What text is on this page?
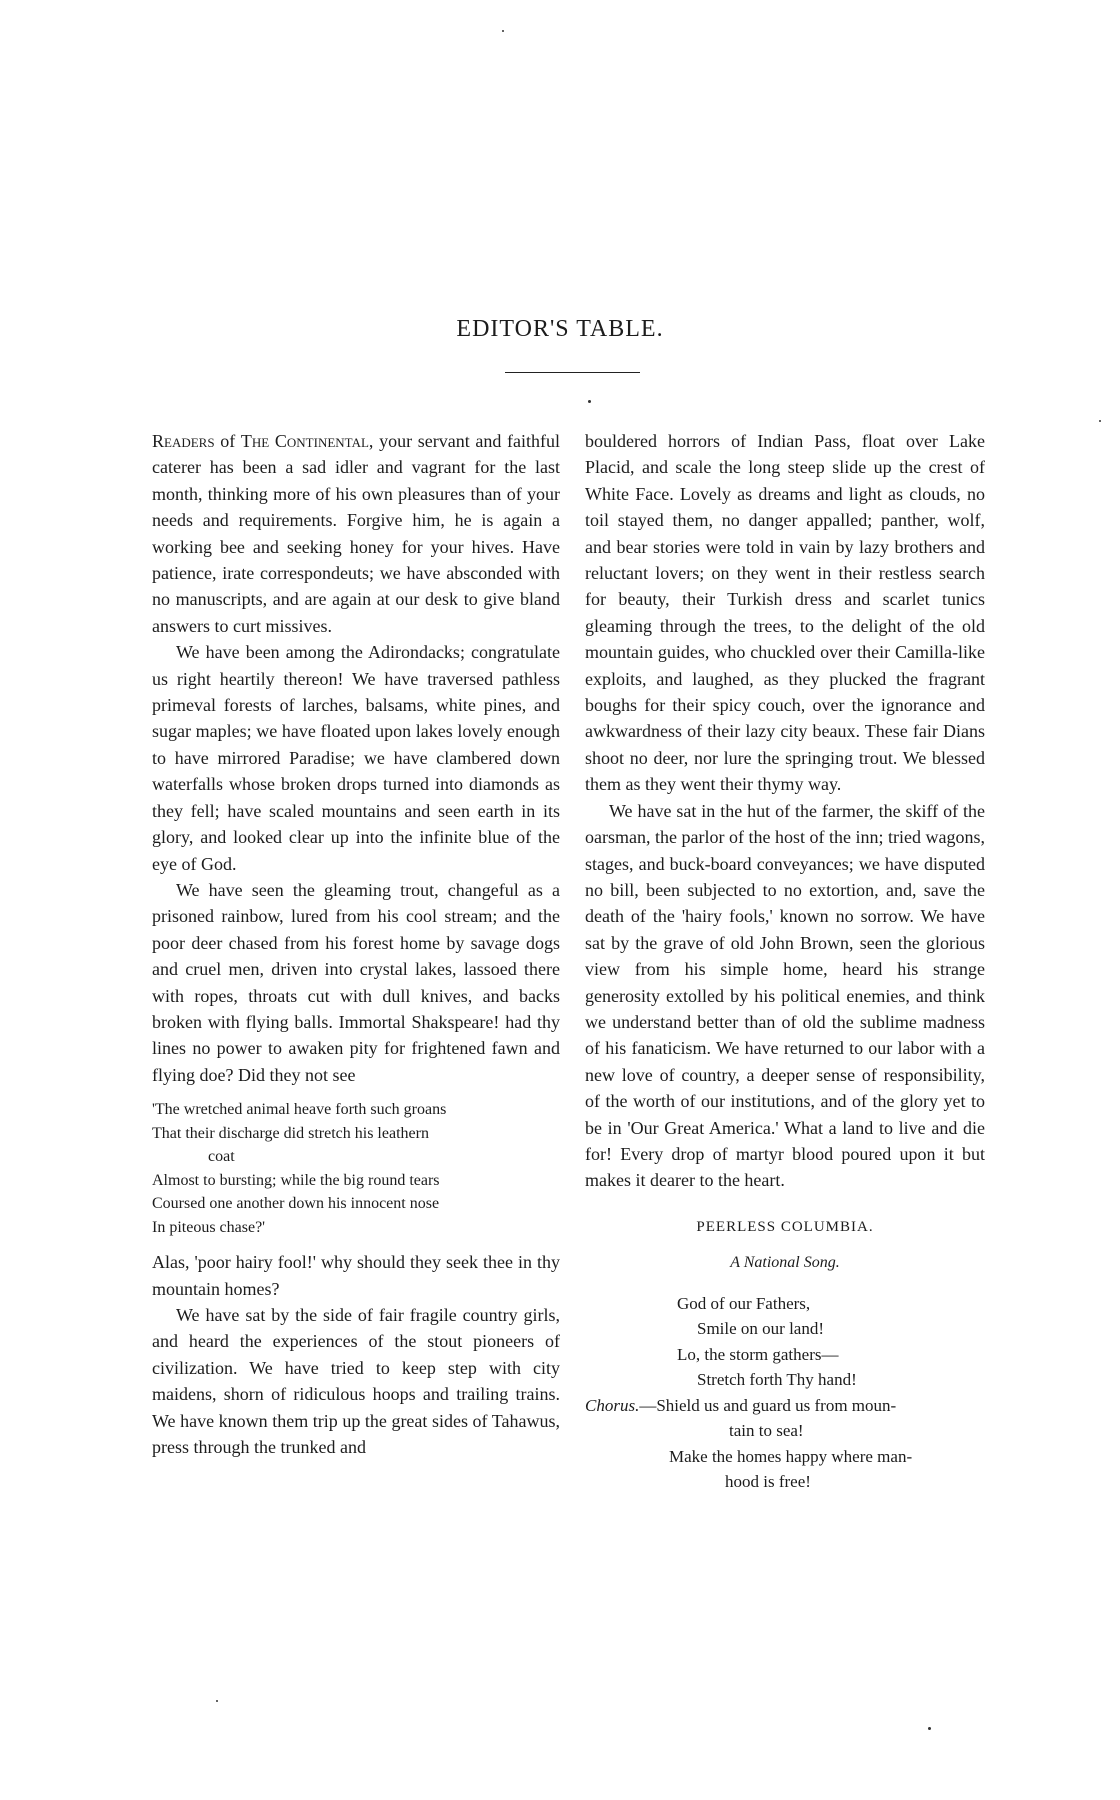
EDITOR'S TABLE.

Readers of The Continental, your servant and faithful caterer has been a sad idler and vagrant for the last month, thinking more of his own pleasures than of your needs and requirements. Forgive him, he is again a working bee and seeking honey for your hives. Have patience, irate correspondeuts; we have absconded with no manuscripts, and are again at our desk to give bland answers to curt missives.

We have been among the Adirondacks; congratulate us right heartily thereon! We have traversed pathless primeval forests of larches, balsams, white pines, and sugar maples; we have floated upon lakes lovely enough to have mirrored Paradise; we have clambered down waterfalls whose broken drops turned into diamonds as they fell; have scaled mountains and seen earth in its glory, and looked clear up into the infinite blue of the eye of God.

We have seen the gleaming trout, changeful as a prisoned rainbow, lured from his cool stream; and the poor deer chased from his forest home by savage dogs and cruel men, driven into crystal lakes, lassoed there with ropes, throats cut with dull knives, and backs broken with flying balls. Immortal Shakspeare! had thy lines no power to awaken pity for frightened fawn and flying doe? Did they not see

'The wretched animal heave forth such groans
That their discharge did stretch his leathern
coat
Almost to bursting; while the big round tears
Coursed one another down his innocent nose
In piteous chase?'

Alas, 'poor hairy fool!' why should they seek thee in thy mountain homes?

We have sat by the side of fair fragile country girls, and heard the experiences of the stout pioneers of civilization. We have tried to keep step with city maidens, shorn of ridiculous hoops and trailing trains. We have known them trip up the great sides of Tahawus, press through the trunked and

bouldered horrors of Indian Pass, float over Lake Placid, and scale the long steep slide up the crest of White Face. Lovely as dreams and light as clouds, no toil stayed them, no danger appalled; panther, wolf, and bear stories were told in vain by lazy brothers and reluctant lovers; on they went in their restless search for beauty, their Turkish dress and scarlet tunics gleaming through the trees, to the delight of the old mountain guides, who chuckled over their Camilla-like exploits, and laughed, as they plucked the fragrant boughs for their spicy couch, over the ignorance and awkwardness of their lazy city beaux. These fair Dians shoot no deer, nor lure the springing trout. We blessed them as they went their thymy way.

We have sat in the hut of the farmer, the skiff of the oarsman, the parlor of the host of the inn; tried wagons, stages, and buck-board conveyances; we have disputed no bill, been subjected to no extortion, and, save the death of the 'hairy fools,' known no sorrow. We have sat by the grave of old John Brown, seen the glorious view from his simple home, heard his strange generosity extolled by his political enemies, and think we understand better than of old the sublime madness of his fanaticism. We have returned to our labor with a new love of country, a deeper sense of responsibility, of the worth of our institutions, and of the glory yet to be in 'Our Great America.' What a land to live and die for! Every drop of martyr blood poured upon it but makes it dearer to the heart.

PEERLESS COLUMBIA.
A National Song.
God of our Fathers,
Smile on our land!
Lo, the storm gathers—
Stretch forth Thy hand!
Chorus.—Shield us and guard us from moun-
tain to sea!
Make the homes happy where man-
hood is free!
